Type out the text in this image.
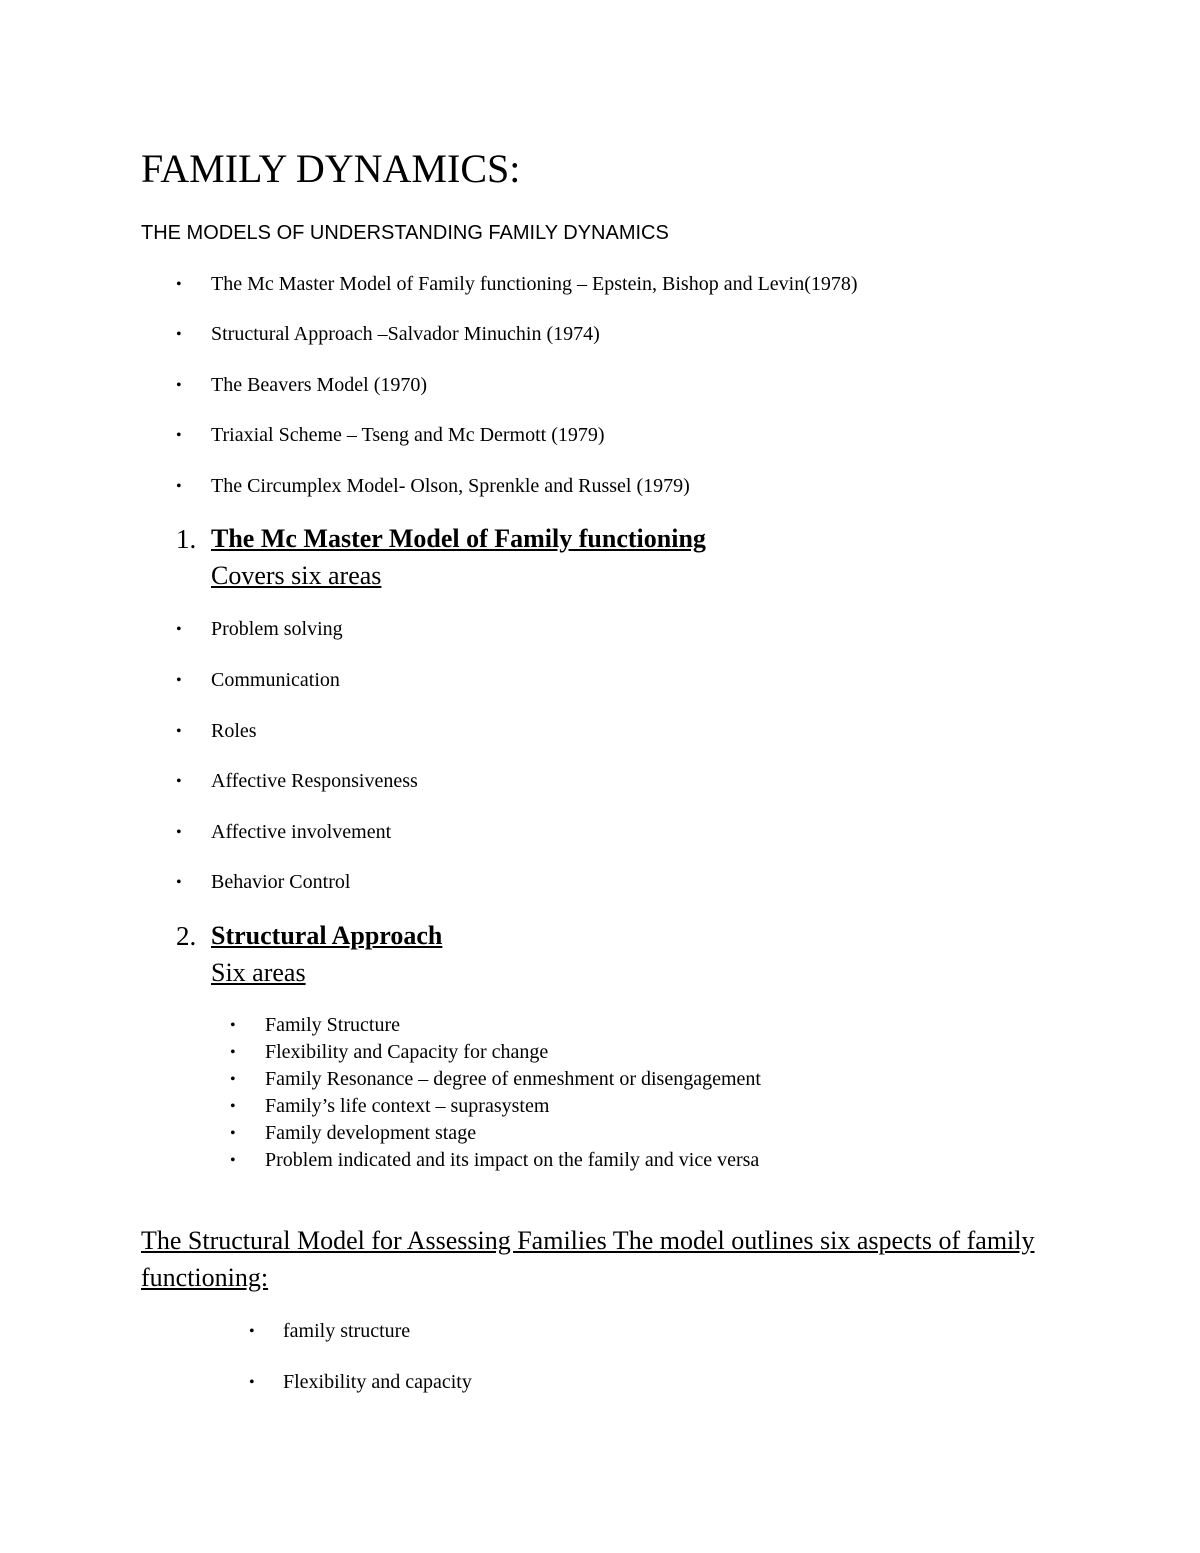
FAMILY DYNAMICS:
THE MODELS OF UNDERSTANDING FAMILY DYNAMICS
• The Mc Master Model of Family functioning – Epstein, Bishop and Levin(1978)
• Structural Approach –Salvador Minuchin (1974)
• The Beavers Model (1970)
• Triaxial Scheme – Tseng and Mc Dermott (1979)
• The Circumplex Model- Olson, Sprenkle and Russel (1979)
1. The Mc Master Model of Family functioning
Covers six areas
• Problem solving
• Communication
• Roles
• Affective Responsiveness
• Affective involvement
• Behavior Control
2. Structural Approach
Six areas
• Family Structure
• Flexibility and Capacity for change
• Family Resonance – degree of enmeshment or disengagement
• Family’s life context – suprasystem
• Family development stage
• Problem indicated and its impact on the family and vice versa
The Structural Model for Assessing Families The model outlines six aspects of family functioning:
• family structure
• Flexibility and capacity
